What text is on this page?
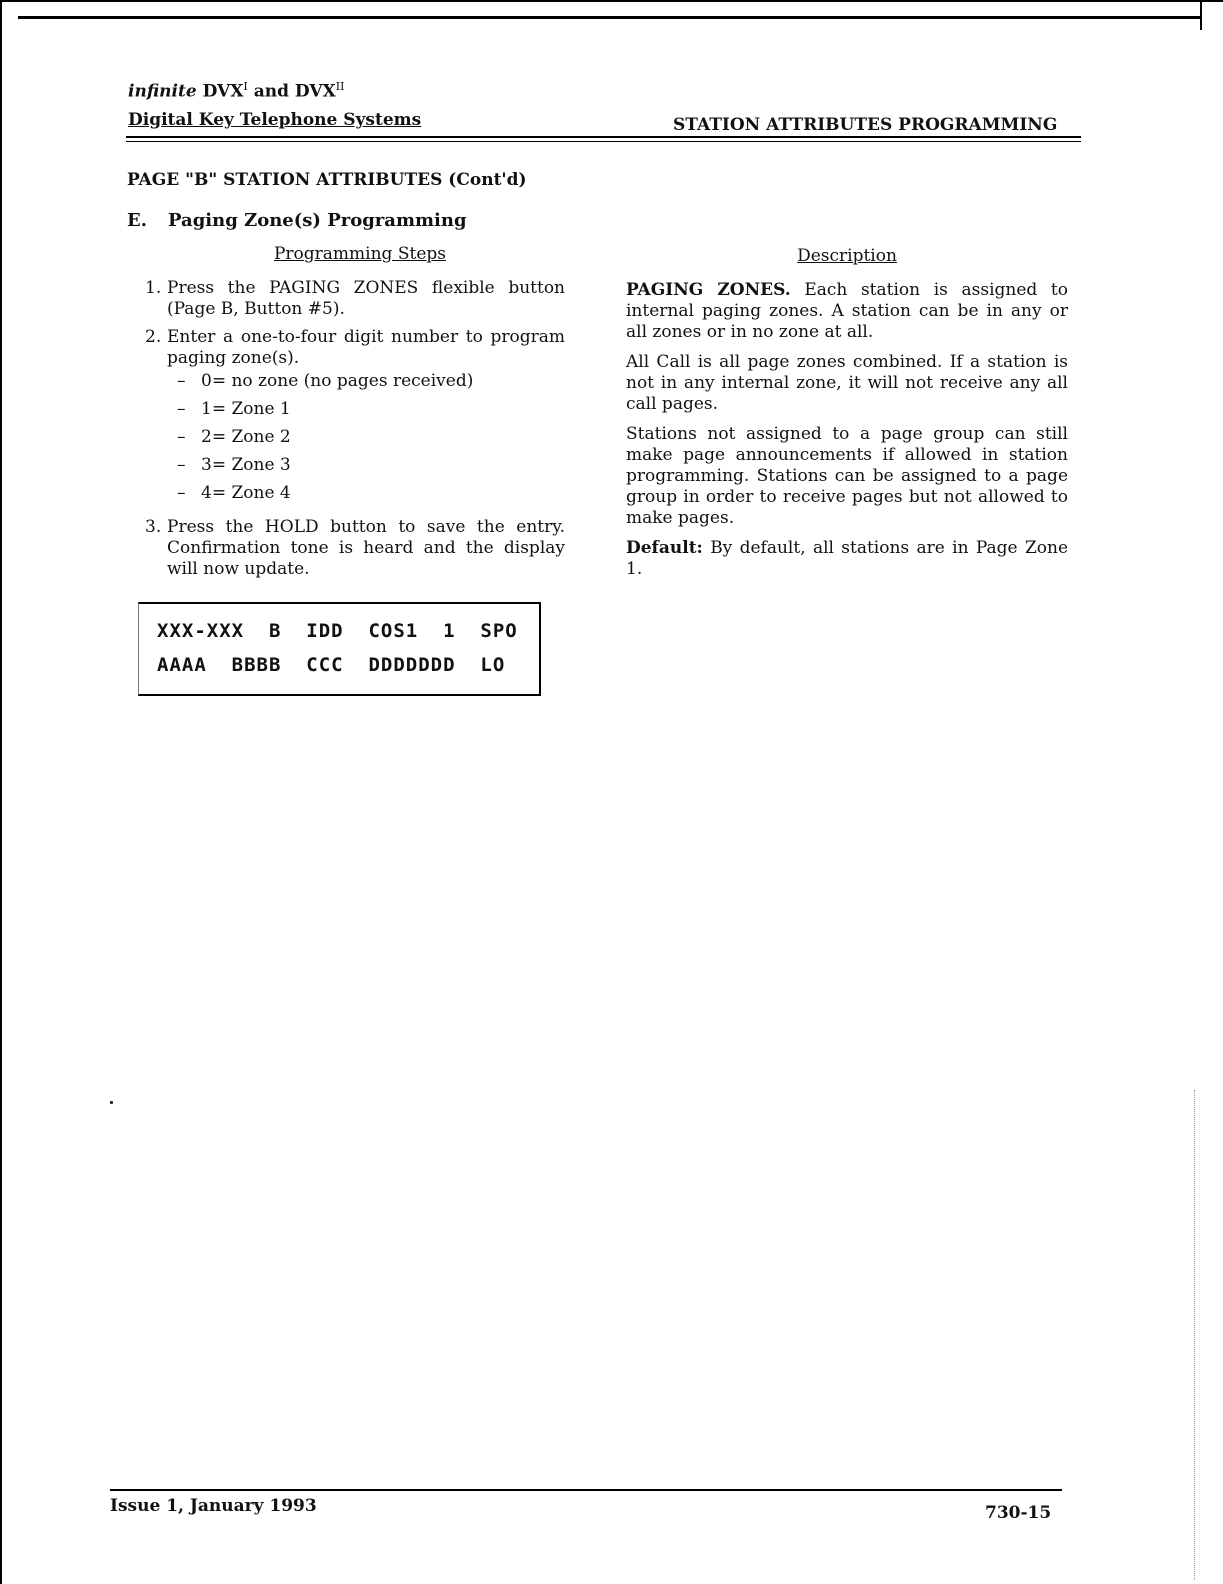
infinite $DVX^I$ and $DVX^{II}$
Digital Key Telephone Systems	STATION ATTRIBUTES PROGRAMMING
PAGE "B" STATION ATTRIBUTES (Cont'd)
E. Paging Zone(s) Programming
Programming Steps
1. Press the PAGING ZONES flexible button (Page B, Button #5).
2. Enter a one-to-four digit number to program paging zone(s).
– 0= no zone (no pages received)
– 1= Zone 1
– 2= Zone 2
– 3= Zone 3
– 4= Zone 4
3. Press the HOLD button to save the entry. Confirmation tone is heard and the display will now update.
XXX-XXX  B  IDD  COS1  1  SPO
AAAA  BBBB  CCC  DDDDDDD  LO
Description

PAGING ZONES. Each station is assigned to internal paging zones. A station can be in any or all zones or in no zone at all.

All Call is all page zones combined. If a station is not in any internal zone, it will not receive any all call pages.

Stations not assigned to a page group can still make page announcements if allowed in station programming. Stations can be assigned to a page group in order to receive pages but not allowed to make pages.

Default: By default, all stations are in Page Zone 1.

Issue 1, January 1993	730-15
